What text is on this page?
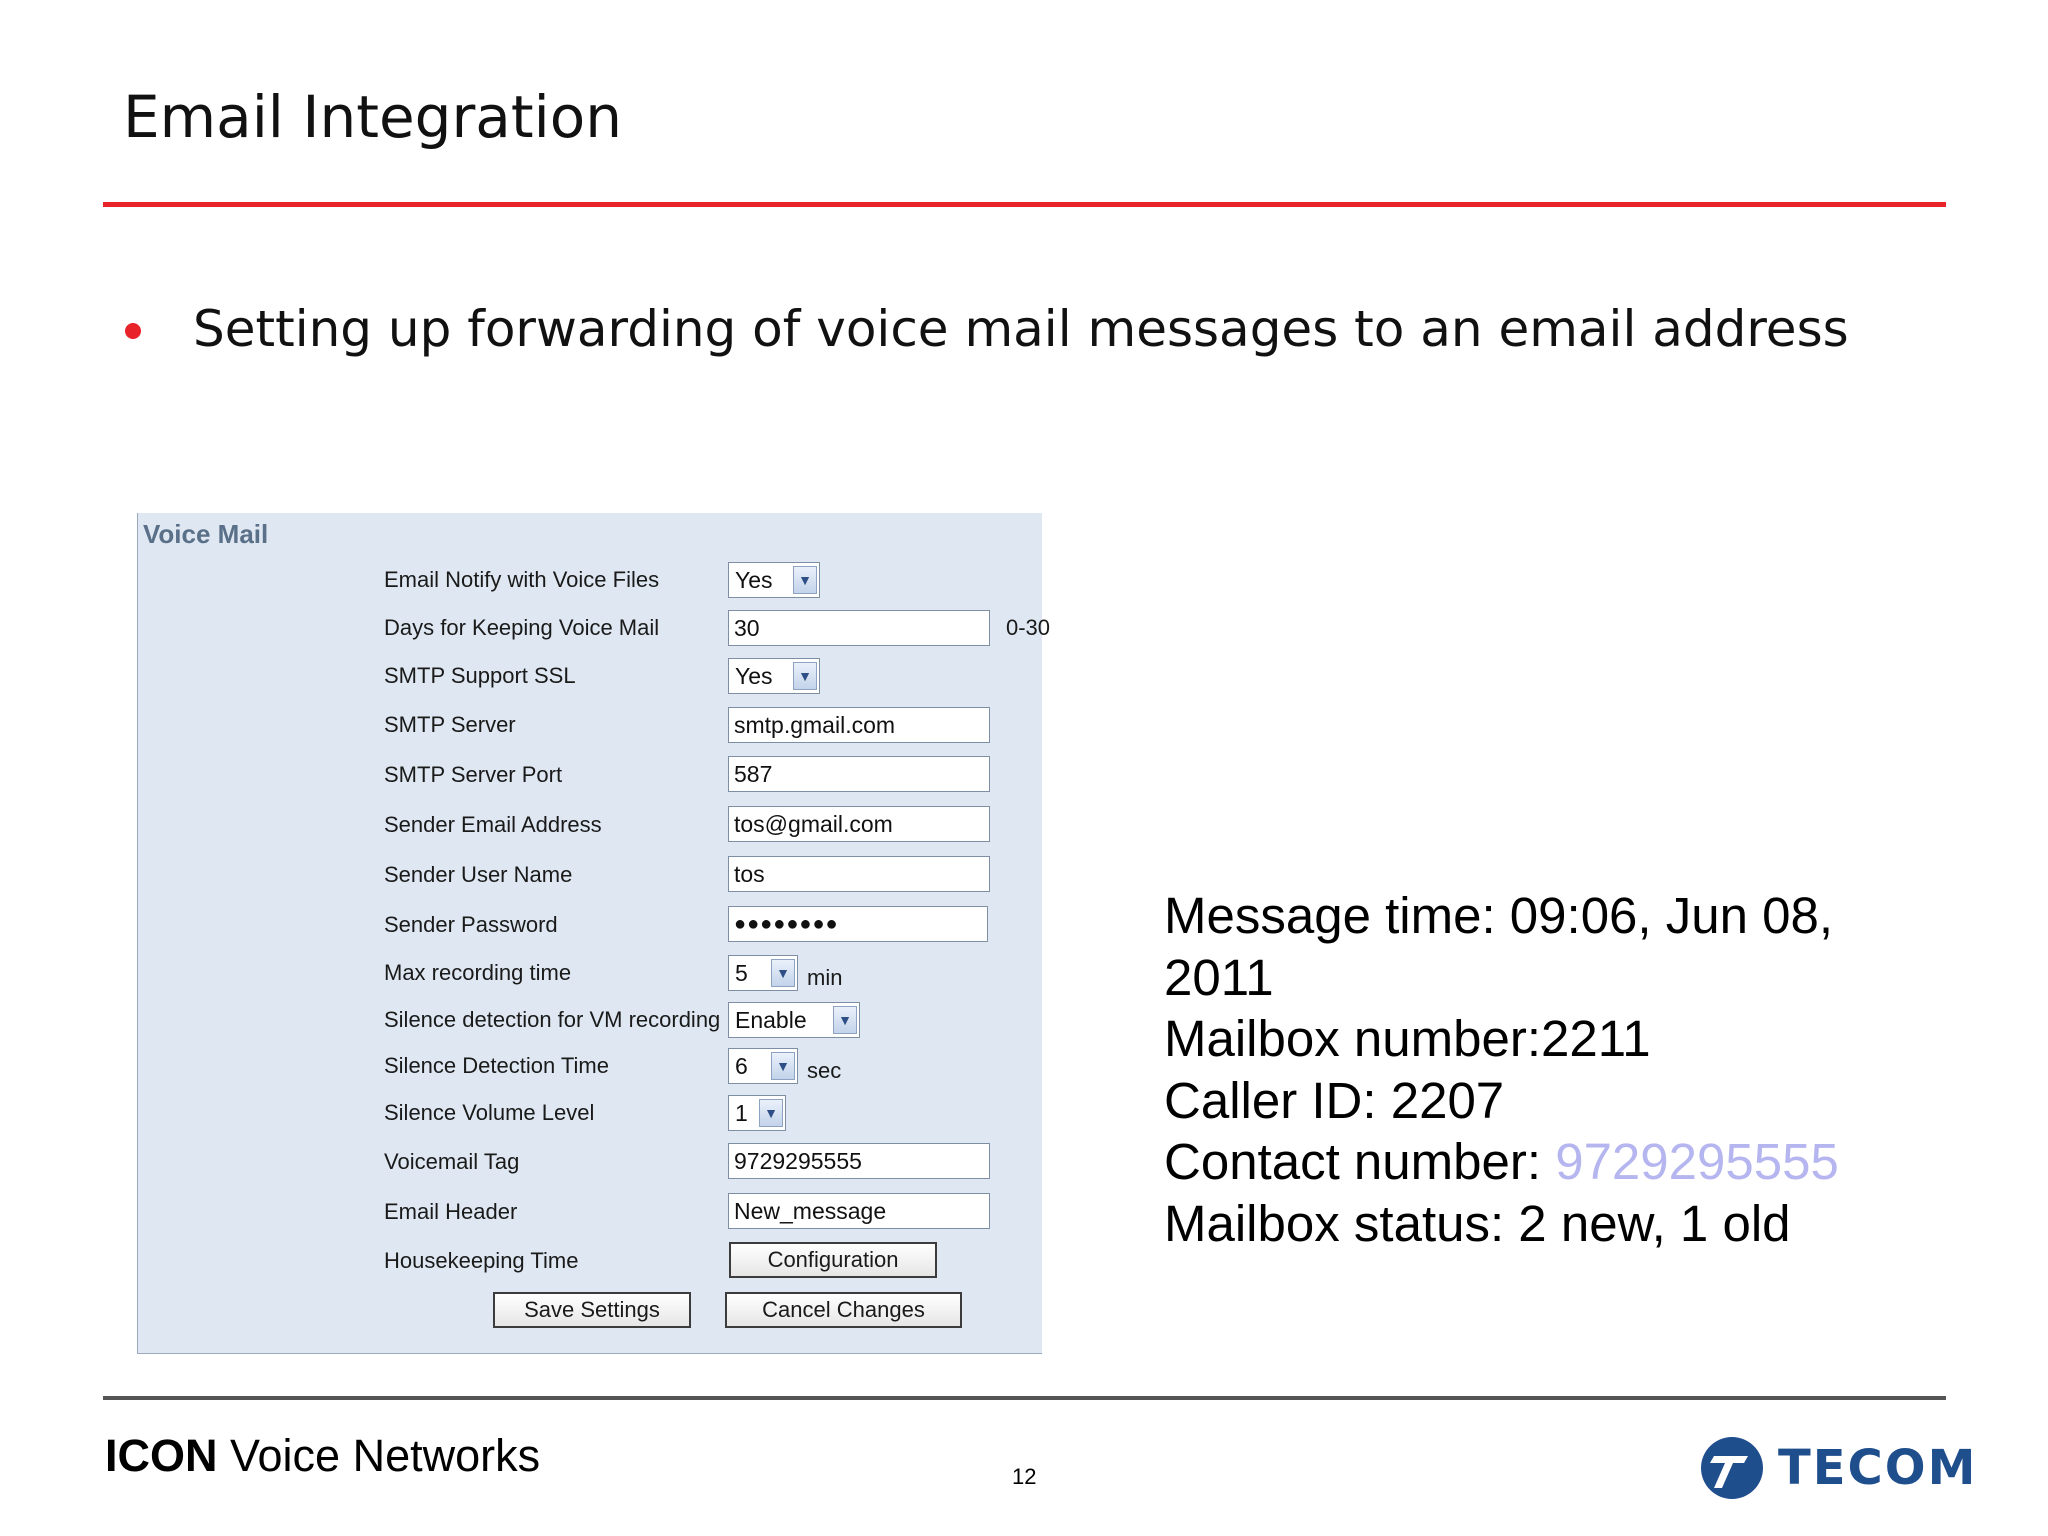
Email Integration
Setting up forwarding of voice mail messages to an email address
Voice Mail
Email Notify with Voice Files	Yes	▼
Days for Keeping Voice Mail	30	0-30
SMTP Support SSL	Yes	▼
SMTP Server	smtp.gmail.com
SMTP Server Port	587
Sender Email Address	tos@gmail.com
Sender User Name	tos
Sender Password	●●●●●●●●
Max recording time	5	▼ min
Silence detection for VM recording Enable	▼
Silence Detection Time	6	▼ sec
Silence Volume Level	1	▼
Voicemail Tag	9729295555
Email Header	New_message
Housekeeping Time	Configuration
Save Settings	Cancel Changes
Message time: 09:06, Jun 08,
2011
Mailbox number:2211
Caller ID: 2207
Contact number: 9729295555
Mailbox status: 2 new, 1 old
ICON Voice Networks	12	TECOM
